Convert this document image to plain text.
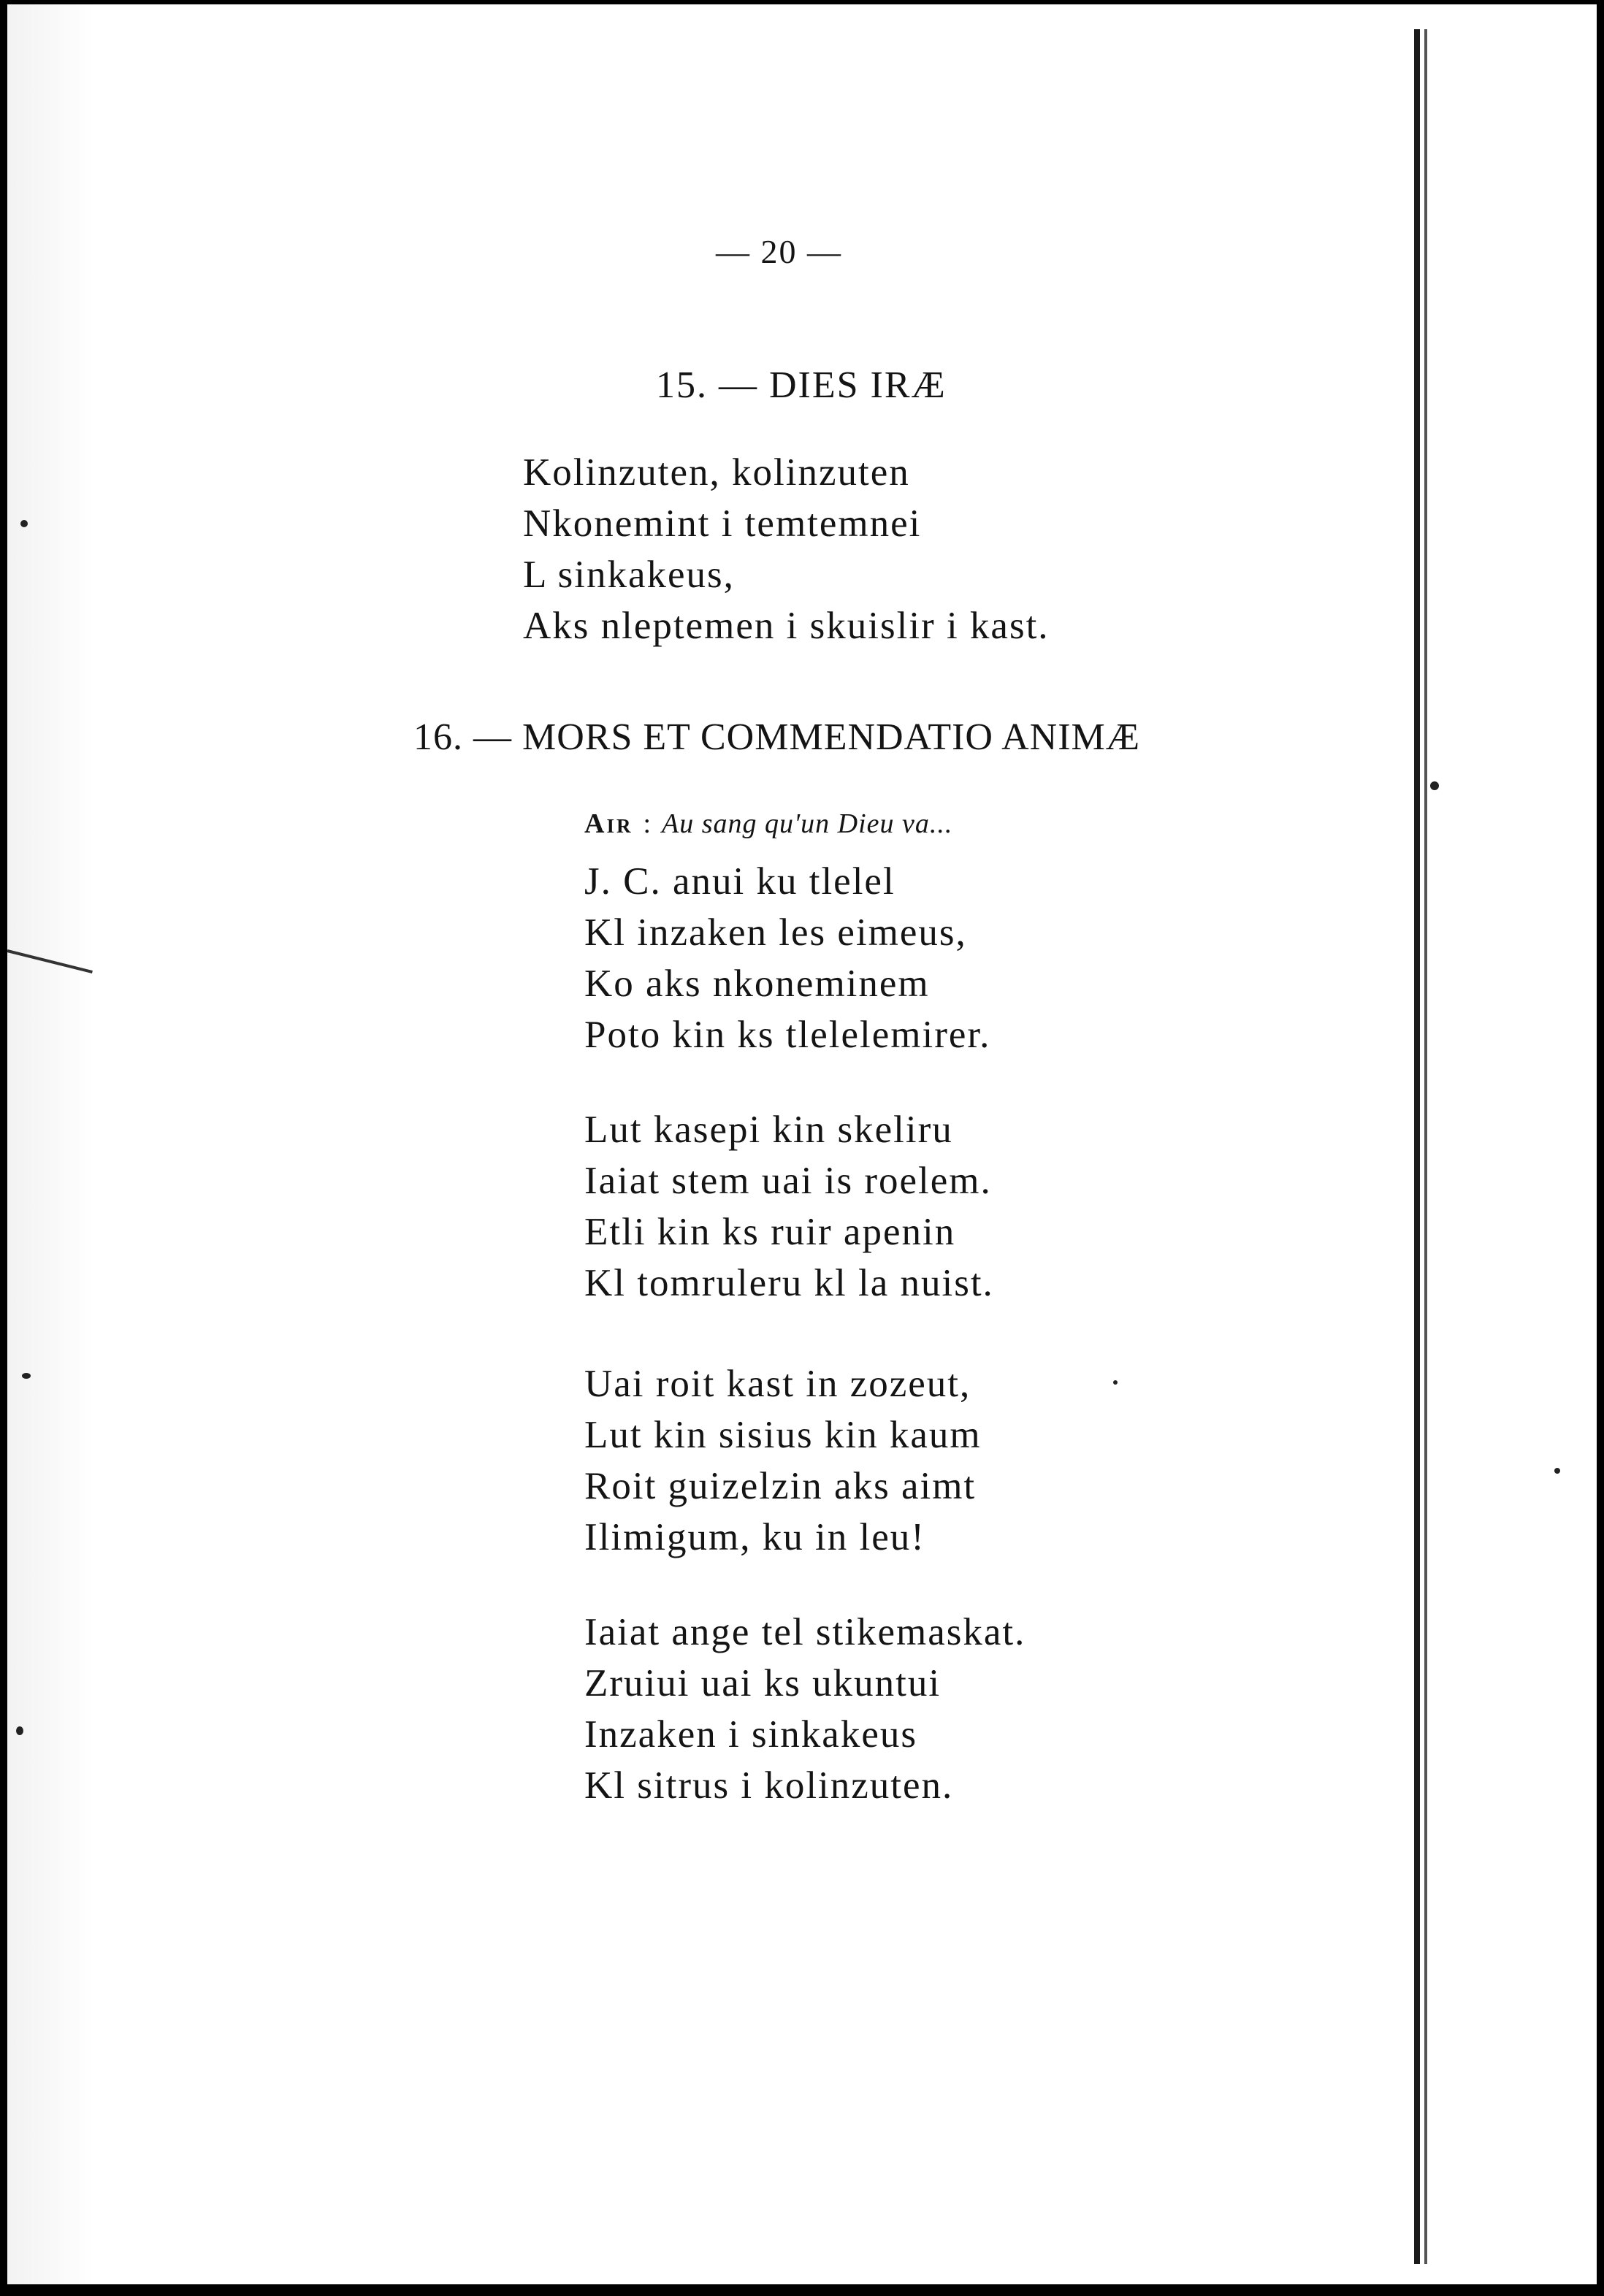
— 20 —
15. — DIES IRÆ
Kolinzuten, kolinzuten
Nkonemint i temtemnei
L sinkakeus,
Aks nleptemen i skuislir i kast.
16. — MORS ET COMMENDATIO ANIMÆ
Air : Au sang qu'un Dieu va...
J. C. anui ku tlelel
Kl inzaken les eimeus,
Ko aks nkoneminem
Poto kin ks tlelelemirer.
Lut kasepi kin skeliru
Iaiat stem uai is roelem.
Etli kin ks ruir apenin
Kl tomruleru kl la nuist.
Uai roit kast in zozeut,
Lut kin sisius kin kaum
Roit guizelzin aks aimt
Ilimigum, ku in leu!
Iaiat ange tel stikemaskat.
Zruiui uai ks ukuntui
Inzaken i sinkakeus
Kl sitrus i kolinzuten.
